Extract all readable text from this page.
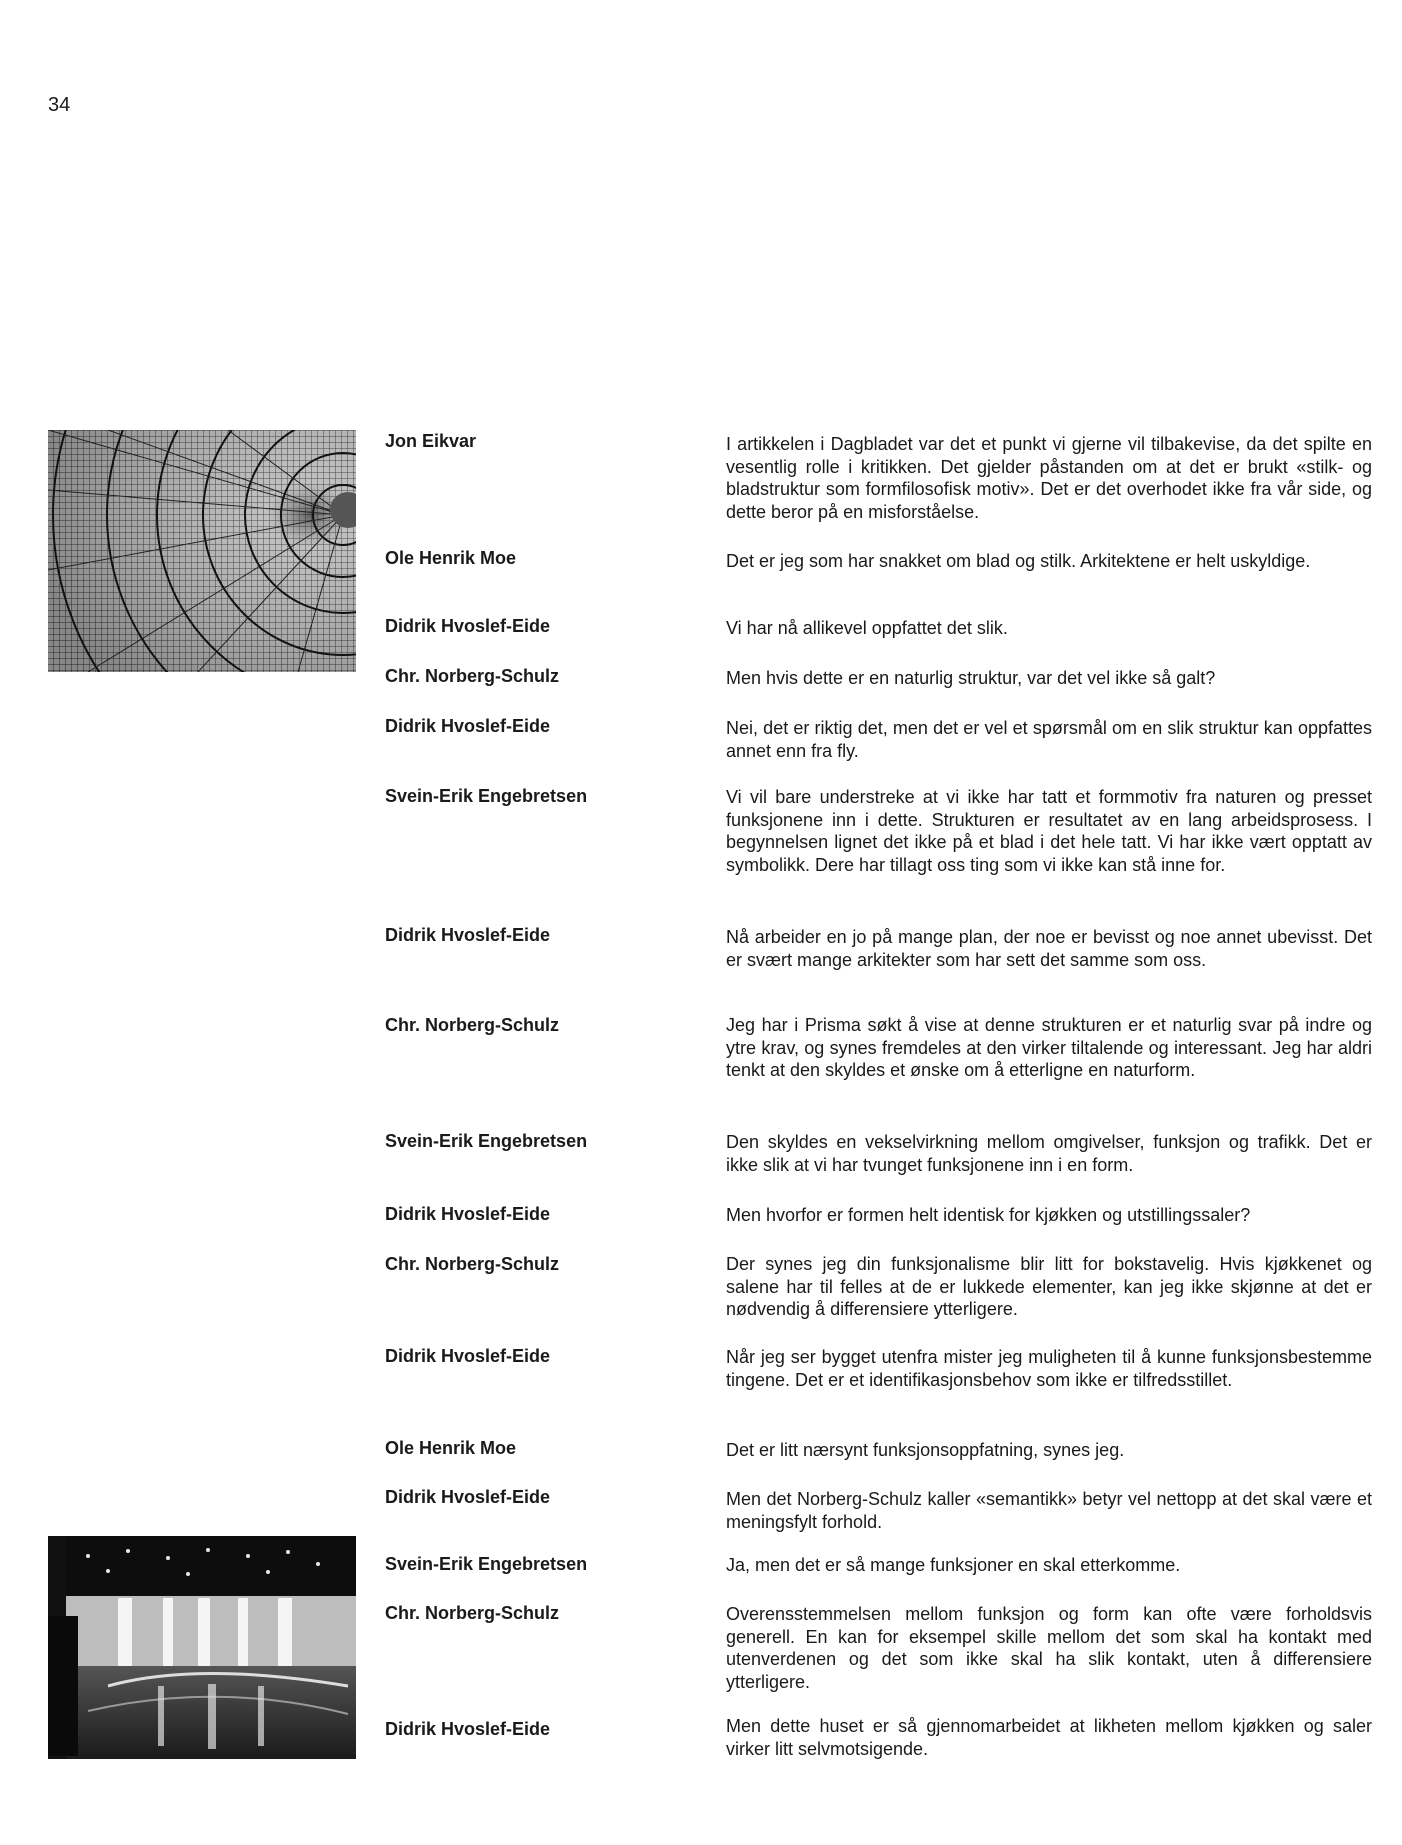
34
Jon Eikvar
Ole Henrik Moe
Didrik Hvoslef-Eide
Chr. Norberg-Schulz
Didrik Hvoslef-Eide
Svein-Erik Engebretsen
Didrik Hvoslef-Eide
Chr. Norberg-Schulz
Svein-Erik Engebretsen
Didrik Hvoslef-Eide
Chr. Norberg-Schulz
Didrik Hvoslef-Eide
Ole Henrik Moe
Didrik Hvoslef-Eide
Svein-Erik Engebretsen
Chr. Norberg-Schulz
Didrik Hvoslef-Eide
I artikkelen i Dagbladet var det et punkt vi gjerne vil tilbakevise, da det spilte en vesentlig rolle i kritikken. Det gjelder påstanden om at det er brukt «stilk- og bladstruktur som formfilosofisk motiv». Det er det overhodet ikke fra vår side, og dette beror på en misforståelse.
Det er jeg som har snakket om blad og stilk. Arkitektene er helt uskyldige.
Vi har nå allikevel oppfattet det slik.
Men hvis dette er en naturlig struktur, var det vel ikke så galt?
Nei, det er riktig det, men det er vel et spørsmål om en slik struktur kan oppfattes annet enn fra fly.
Vi vil bare understreke at vi ikke har tatt et formmotiv fra naturen og presset funksjonene inn i dette. Strukturen er resultatet av en lang arbeidsprosess. I begynnelsen lignet det ikke på et blad i det hele tatt. Vi har ikke vært opptatt av symbolikk. Dere har tillagt oss ting som vi ikke kan stå inne for.
Nå arbeider en jo på mange plan, der noe er bevisst og noe annet ubevisst. Det er svært mange arkitekter som har sett det samme som oss.
Jeg har i Prisma søkt å vise at denne strukturen er et naturlig svar på indre og ytre krav, og synes fremdeles at den virker tiltalende og interessant. Jeg har aldri tenkt at den skyldes et ønske om å etterligne en naturform.
Den skyldes en vekselvirkning mellom omgivelser, funksjon og trafikk. Det er ikke slik at vi har tvunget funksjonene inn i en form.
Men hvorfor er formen helt identisk for kjøkken og utstillingssaler?
Der synes jeg din funksjonalisme blir litt for bokstavelig. Hvis kjøkkenet og salene har til felles at de er lukkede elementer, kan jeg ikke skjønne at det er nødvendig å differensiere ytterligere.
Når jeg ser bygget utenfra mister jeg muligheten til å kunne funksjonsbestemme tingene. Det er et identifikasjonsbehov som ikke er tilfredsstillet.
Det er litt nærsynt funksjonsoppfatning, synes jeg.
Men det Norberg-Schulz kaller «semantikk» betyr vel nettopp at det skal være et meningsfylt forhold.
Ja, men det er så mange funksjoner en skal etterkomme.
Overensstemmelsen mellom funksjon og form kan ofte være forholdsvis generell. En kan for eksempel skille mellom det som skal ha kontakt med utenverdenen og det som ikke skal ha slik kontakt, uten å differensiere ytterligere.
Men dette huset er så gjennomarbeidet at likheten mellom kjøkken og saler virker litt selvmotsigende.
